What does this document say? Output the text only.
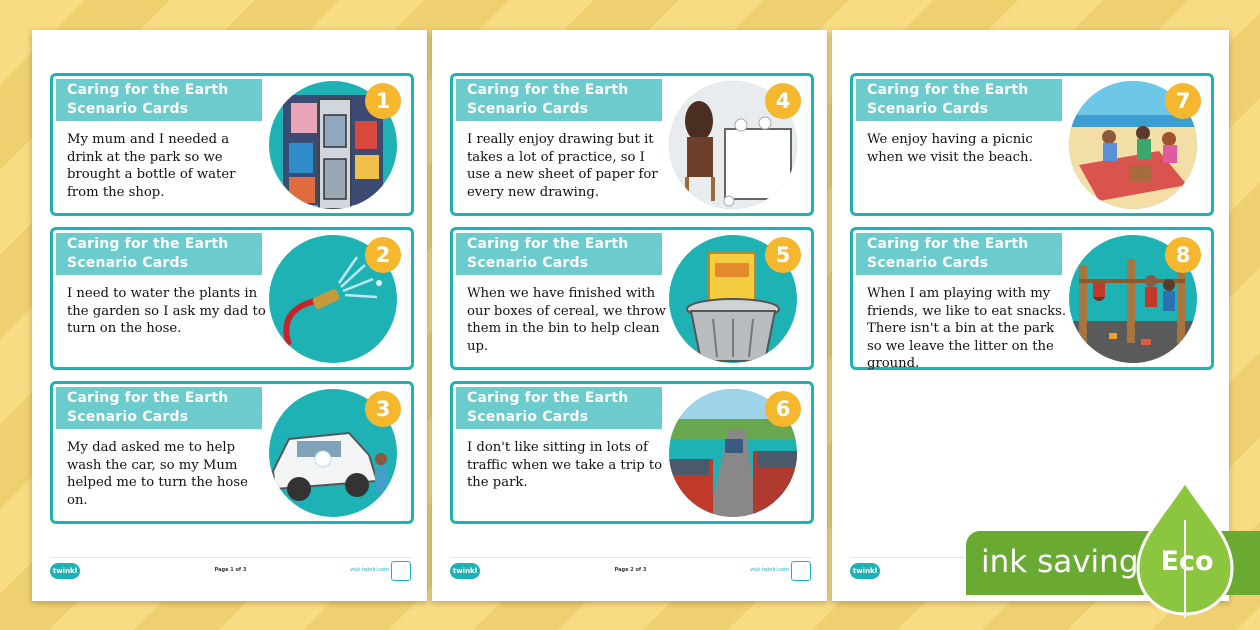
Caring for the Earth Scenario Cards
My mum and I needed a drink at the park so we brought a bottle of water from the shop.
1
Caring for the Earth Scenario Cards
I need to water the plants in the garden so I ask my dad to turn on the hose.
2
Caring for the Earth Scenario Cards
My dad asked me to help wash the car, so my Mum helped me to turn the hose on.
3
twinkl	Page 1 of 3	visit twinkl.com
Caring for the Earth Scenario Cards
I really enjoy drawing but it takes a lot of practice, so I use a new sheet of paper for every new drawing.
4
Caring for the Earth Scenario Cards
When we have finished with our boxes of cereal, we throw them in the bin to help clean up.
5
Caring for the Earth Scenario Cards
I don't like sitting in lots of traffic when we take a trip to the park.
6
twinkl	Page 2 of 3	visit twinkl.com
Caring for the Earth Scenario Cards
We enjoy having a picnic when we visit the beach.
7
Caring for the Earth Scenario Cards
When I am playing with my friends, we like to eat snacks. There isn't a bin at the park so we leave the litter on the ground.
8
twinkl	ink saving Eco
